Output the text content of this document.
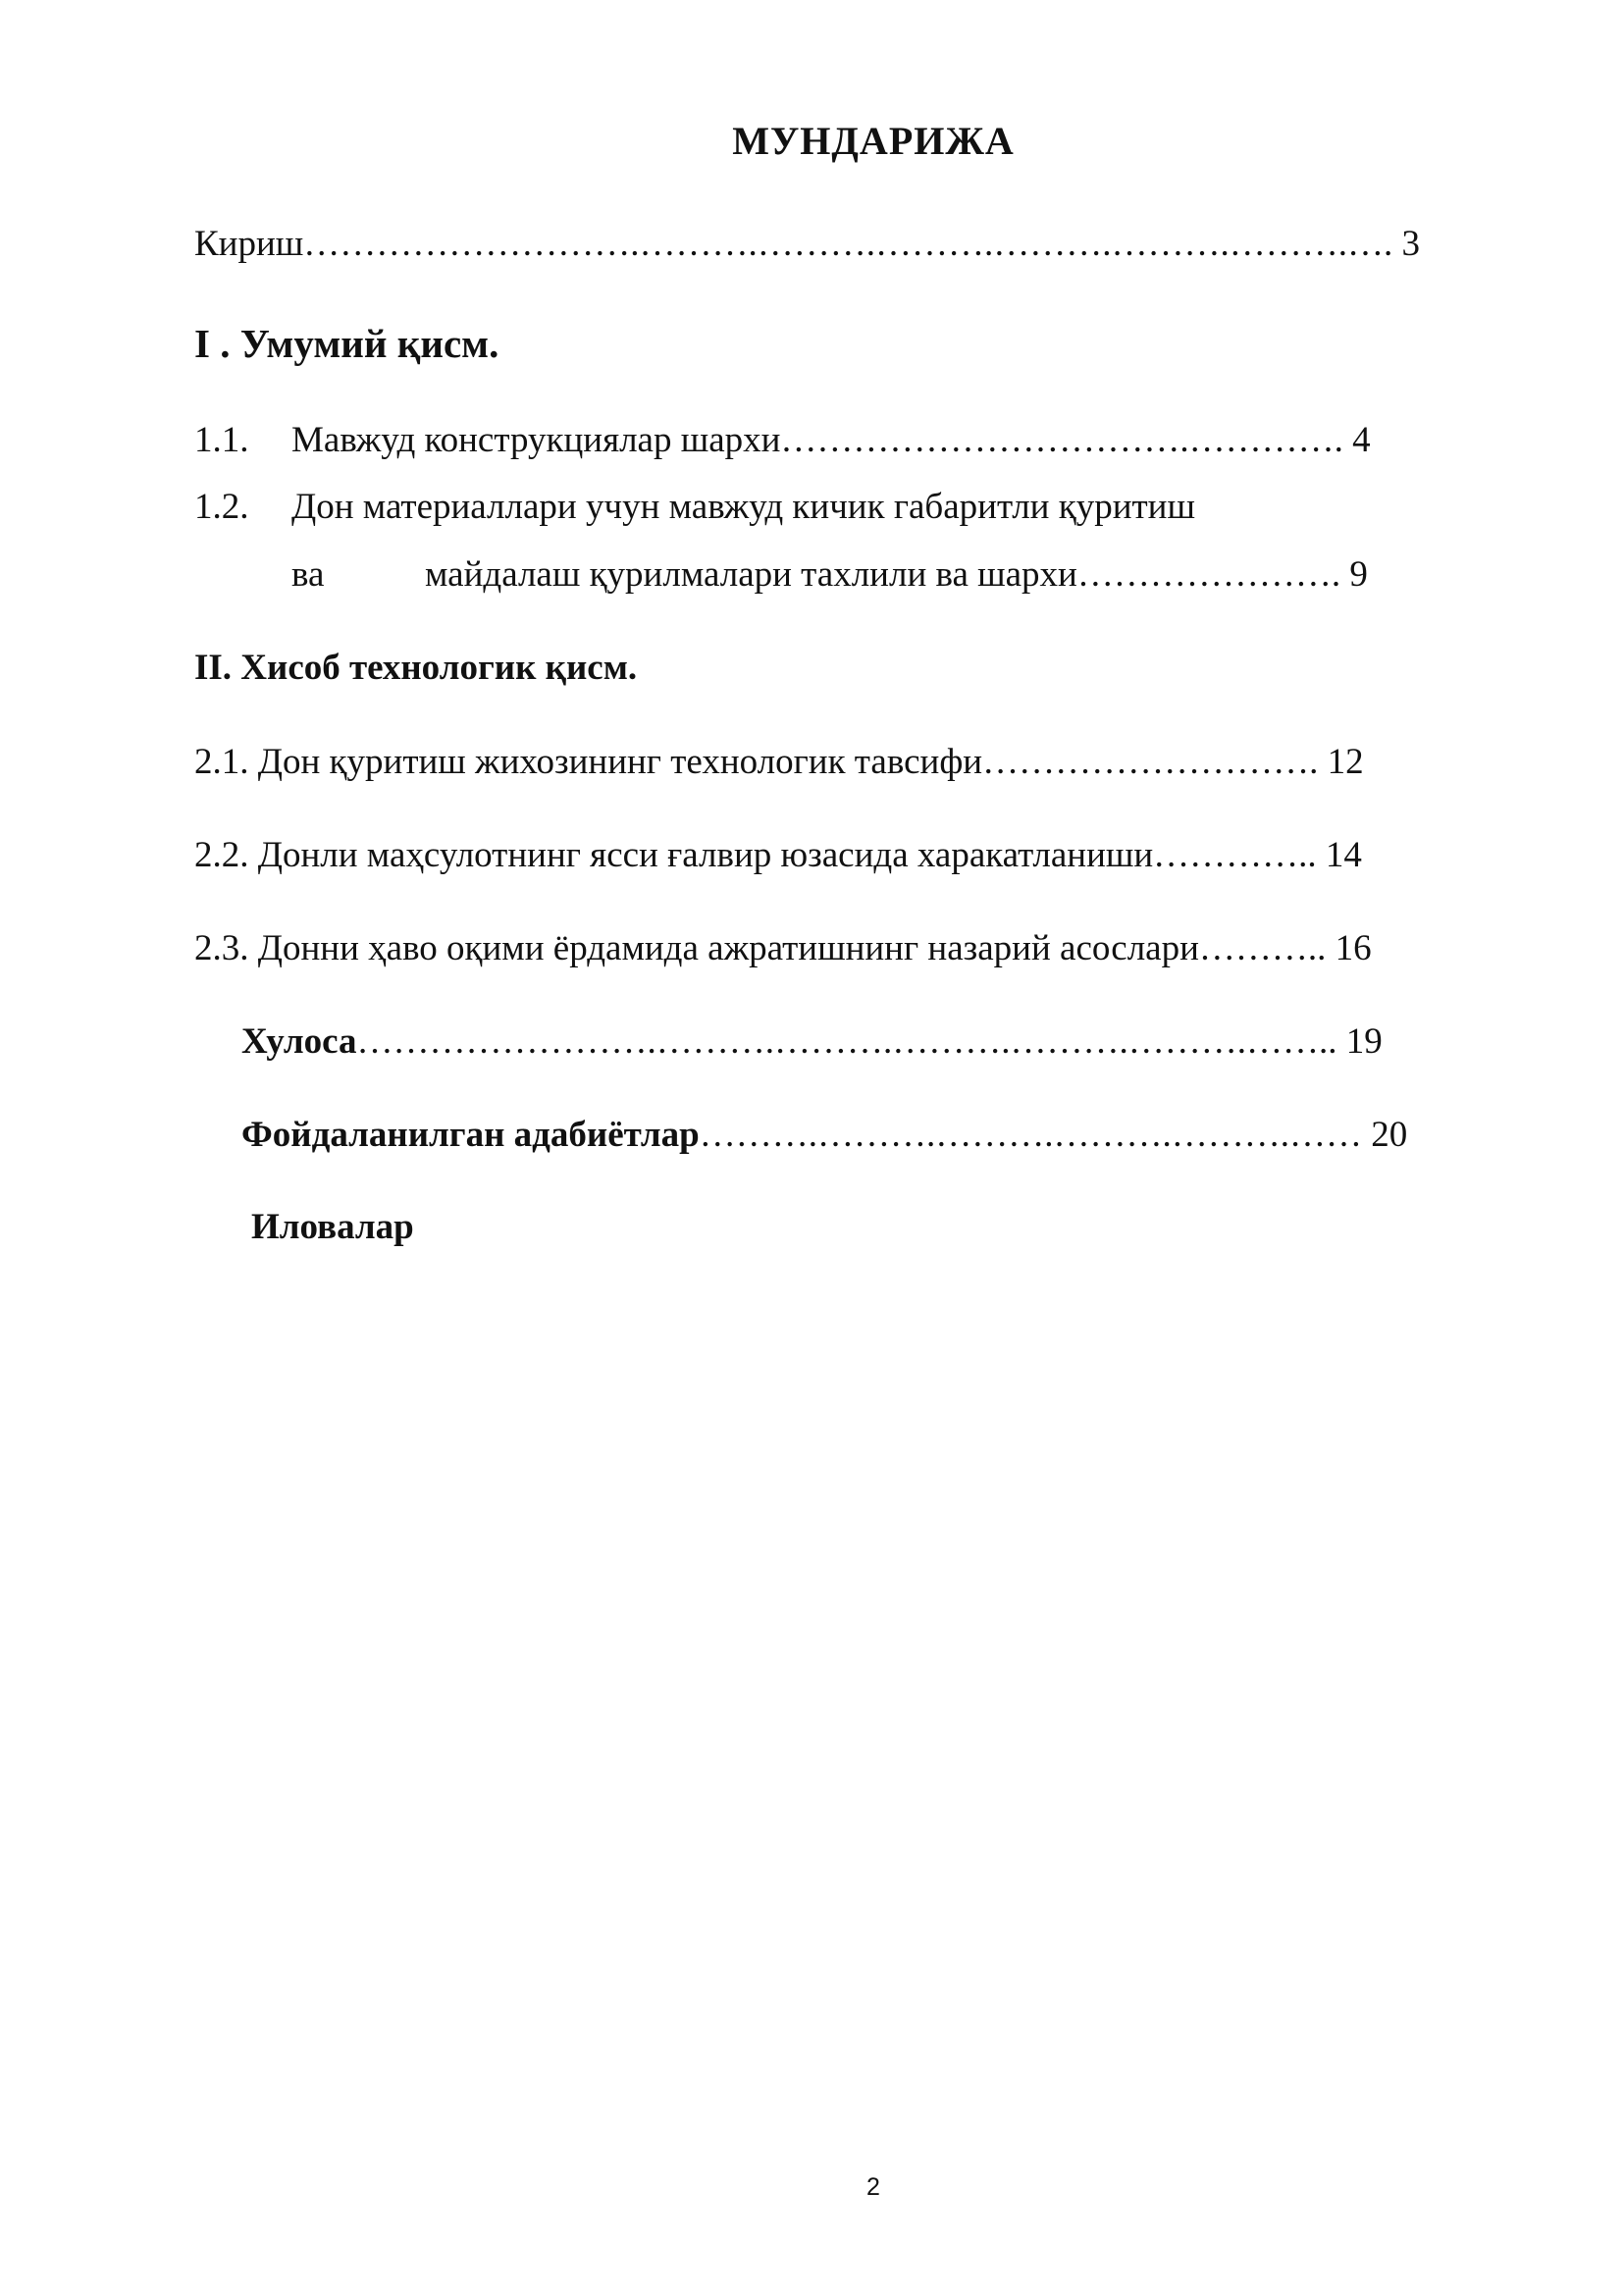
МУНДАРИЖА
Кириш……………………….……….……….……….……….……….……….…. 3
I . Умумий қисм.
1.1. Мавжуд конструкциялар шархи…………………………….…………. 4
1.2. Дон материаллари учун мавжуд кичик габаритли қуритиш
ва	майдалаш қурилмалари тахлили ва шархи…………………. 9
II. Хисоб технологик қисм.
2.1. Дон қуритиш жихозининг технологик тавсифи………………………. 12
2.2. Донли маҳсулотнинг ясси ғалвир юзасида харакатланиши………….. 14
2.3. Донни ҳаво оқими ёрдамида ажратишнинг назарий асослари……….. 16
Хулоса…………………….……….……….……….……….……….…….. 19
Фойдаланилган адабиётлар……….……….……….……….……….…… 20
Иловалар
2
